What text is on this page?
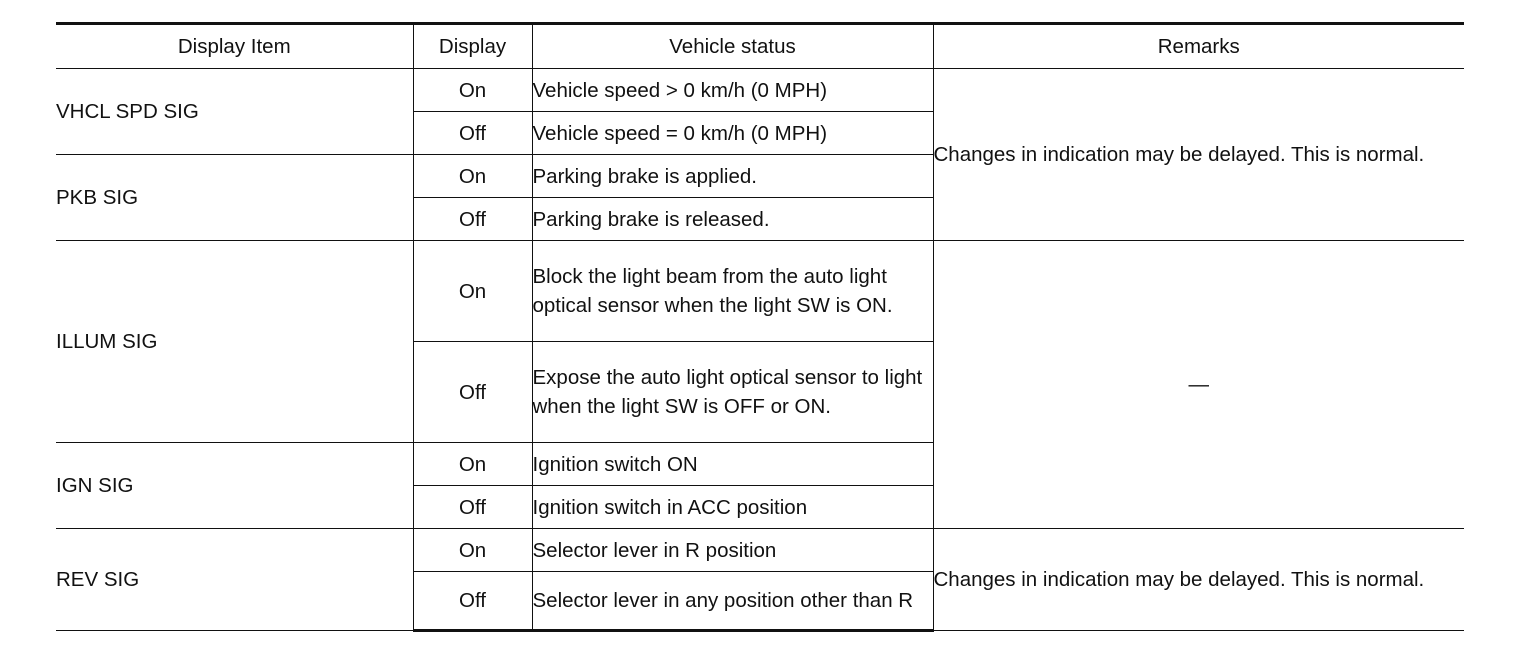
Display Item	Display	Vehicle status	Remarks
VHCL SPD SIG	On	Vehicle speed > 0 km/h (0 MPH)	Changes in indication may be delayed. This is normal.
	Off	Vehicle speed = 0 km/h (0 MPH)	
PKB SIG	On	Parking brake is applied.	
	Off	Parking brake is released.	
ILLUM SIG	On	Block the light beam from the auto light optical sensor when the light SW is ON.	—
	Off	Expose the auto light optical sensor to light when the light SW is OFF or ON.	
IGN SIG	On	Ignition switch ON	
	Off	Ignition switch in ACC position	
REV SIG	On	Selector lever in R position	Changes in indication may be delayed. This is normal.
	Off	Selector lever in any position other than R	
